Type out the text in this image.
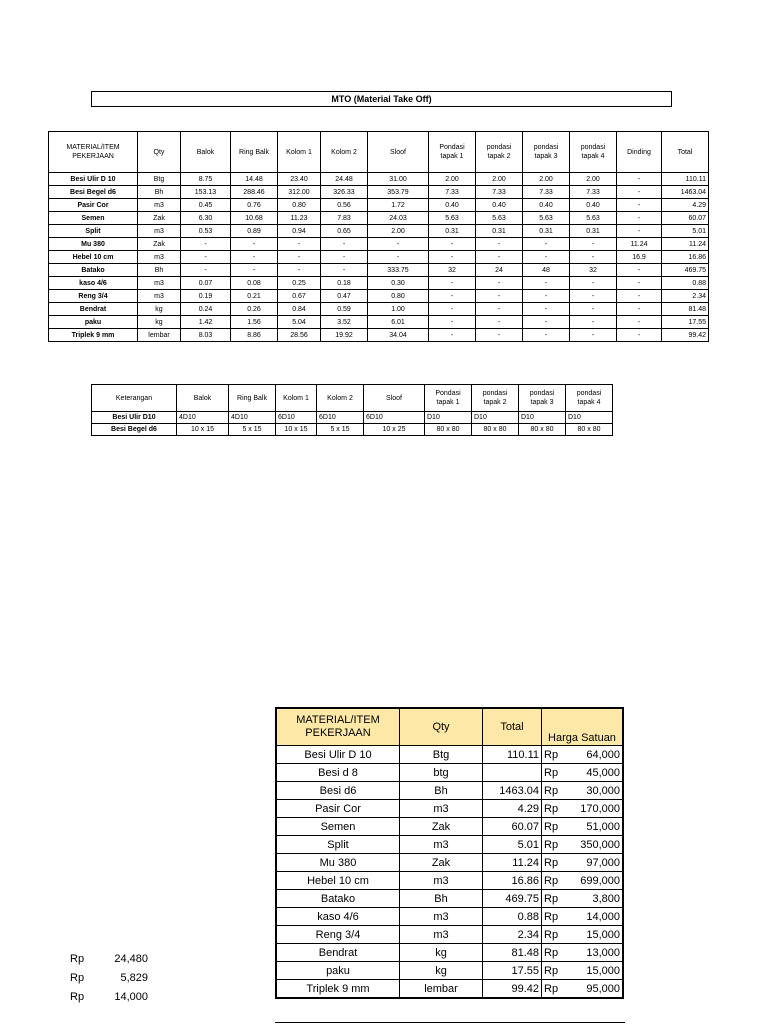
MTO (Material Take Off)
MATERIAL/ITEM PEKERJAAN	Qty	Balok	Ring Balk	Kolom 1	Kolom 2	Sloof	Pondasi tapak 1	pondasi tapak 2	pondasi tapak 3	pondasi tapak 4	Dinding	Total
Besi Ulir D 10	Btg	8.75	14.48	23.40	24.48	31.00	2.00	2.00	2.00	2.00	-	110.11
Besi Begel d6	Bh	153.13	288.46	312.00	326.33	353.79	7.33	7.33	7.33	7.33	-	1463.04
Pasir Cor	m3	0.45	0.76	0.80	0.56	1.72	0.40	0.40	0.40	0.40	-	4.29
Semen	Zak	6.30	10.68	11.23	7.83	24.03	5.63	5.63	5.63	5.63	-	60.07
Split	m3	0.53	0.89	0.94	0.65	2.00	0.31	0.31	0.31	0.31	-	5.01
Mu 380	Zak	-	-	-	-	-	-	-	-	-	11.24	11.24
Hebel 10 cm	m3	-	-	-	-	-	-	-	-	-	16.9	16.86
Batako	Bh	-	-	-	-	333.75	32	24	48	32	-	469.75
kaso 4/6	m3	0.07	0.08	0.25	0.18	0.30	-	-	-	-	-	0.88
Reng 3/4	m3	0.19	0.21	0.67	0.47	0.80	-	-	-	-	-	2.34
Bendrat	kg	0.24	0.26	0.84	0.59	1.00	-	-	-	-	-	81.48
paku	kg	1.42	1.56	5.04	3.52	6.01	-	-	-	-	-	17.55
Triplek 9 mm	lembar	8.03	8.86	28.56	19.92	34.04	-	-	-	-	-	99.42
Keterangan	Balok	Ring Balk	Kolom 1	Kolom 2	Sloof	Pondasi tapak 1	pondasi tapak 2	pondasi tapak 3	pondasi tapak 4
Besi Ulir D10	4D10	4D10	6D10	6D10	6D10	D10	D10	D10	D10
Besi Begel d6	10 x 15	5 x 15	10 x 15	5 x 15	10 x 25	80 x 80	80 x 80	80 x 80	80 x 80
MATERIAL/ITEM PEKERJAAN	Qty	Total	Harga Satuan
Besi Ulir D 10	Btg	110.11	Rp 64,000

Besi d 8	btg		Rp 45,000

Besi d6	Bh	1463.04	Rp 30,000

Pasir Cor	m3	4.29	Rp 170,000

Semen	Zak	60.07	Rp 51,000

Split	m3	5.01	Rp 350,000

Mu 380	Zak	11.24	Rp 97,000

Hebel 10 cm	m3	16.86	Rp 699,000

Batako	Bh	469.75	Rp 3,800

kaso 4/6	m3	0.88	Rp 14,000

Reng 3/4	m3	2.34	Rp 15,000

Bendrat	kg	81.48	Rp 13,000

paku	kg	17.55	Rp 15,000

Triplek 9 mm	lembar	99.42	Rp 95,000
Rp	24,480
Rp	5,829
Rp	14,000
